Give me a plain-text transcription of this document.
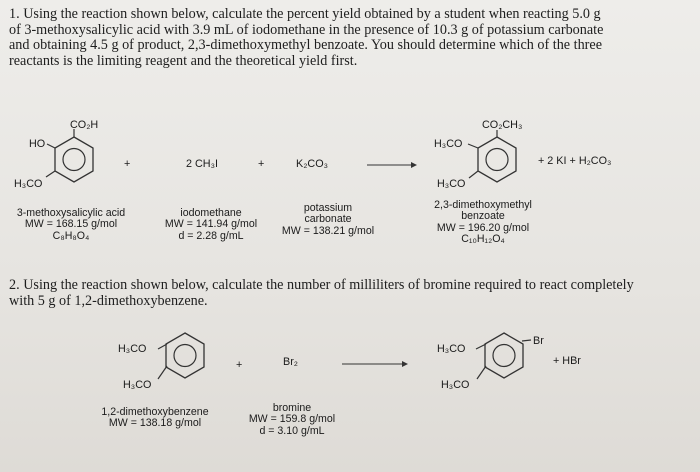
1. Using the reaction shown below, calculate the percent yield obtained by a student when reacting 5.0 g of 3-methoxysalicylic acid with 3.9 mL of iodomethane in the presence of 10.3 g of potassium carbonate and obtaining 4.5 g of product, 2,3-dimethoxymethyl benzoate. You should determine which of the three reactants is the limiting reagent and the theoretical yield first.
CO₂H
HO
H₃CO
+	2 CH₃I	+	K₂CO₃
CO₂CH₃
H₃CO
H₃CO
+ 2 KI + H₂CO₃
3-methoxysalicylic acid
MW = 168.15 g/mol
C₈H₈O₄
iodomethane
MW = 141.94 g/mol
d = 2.28 g/mL
potassium
carbonate
MW = 138.21 g/mol
2,3-dimethoxymethyl
benzoate
MW = 196.20 g/mol
C₁₀H₁₂O₄
2. Using the reaction shown below, calculate the number of milliliters of bromine required to react completely with 5 g of 1,2-dimethoxybenzene.
H₃CO
H₃CO
+	Br₂
H₃CO
H₃CO
Br
+ HBr
1,2-dimethoxybenzene
MW = 138.18 g/mol
bromine
MW = 159.8 g/mol
d = 3.10 g/mL
